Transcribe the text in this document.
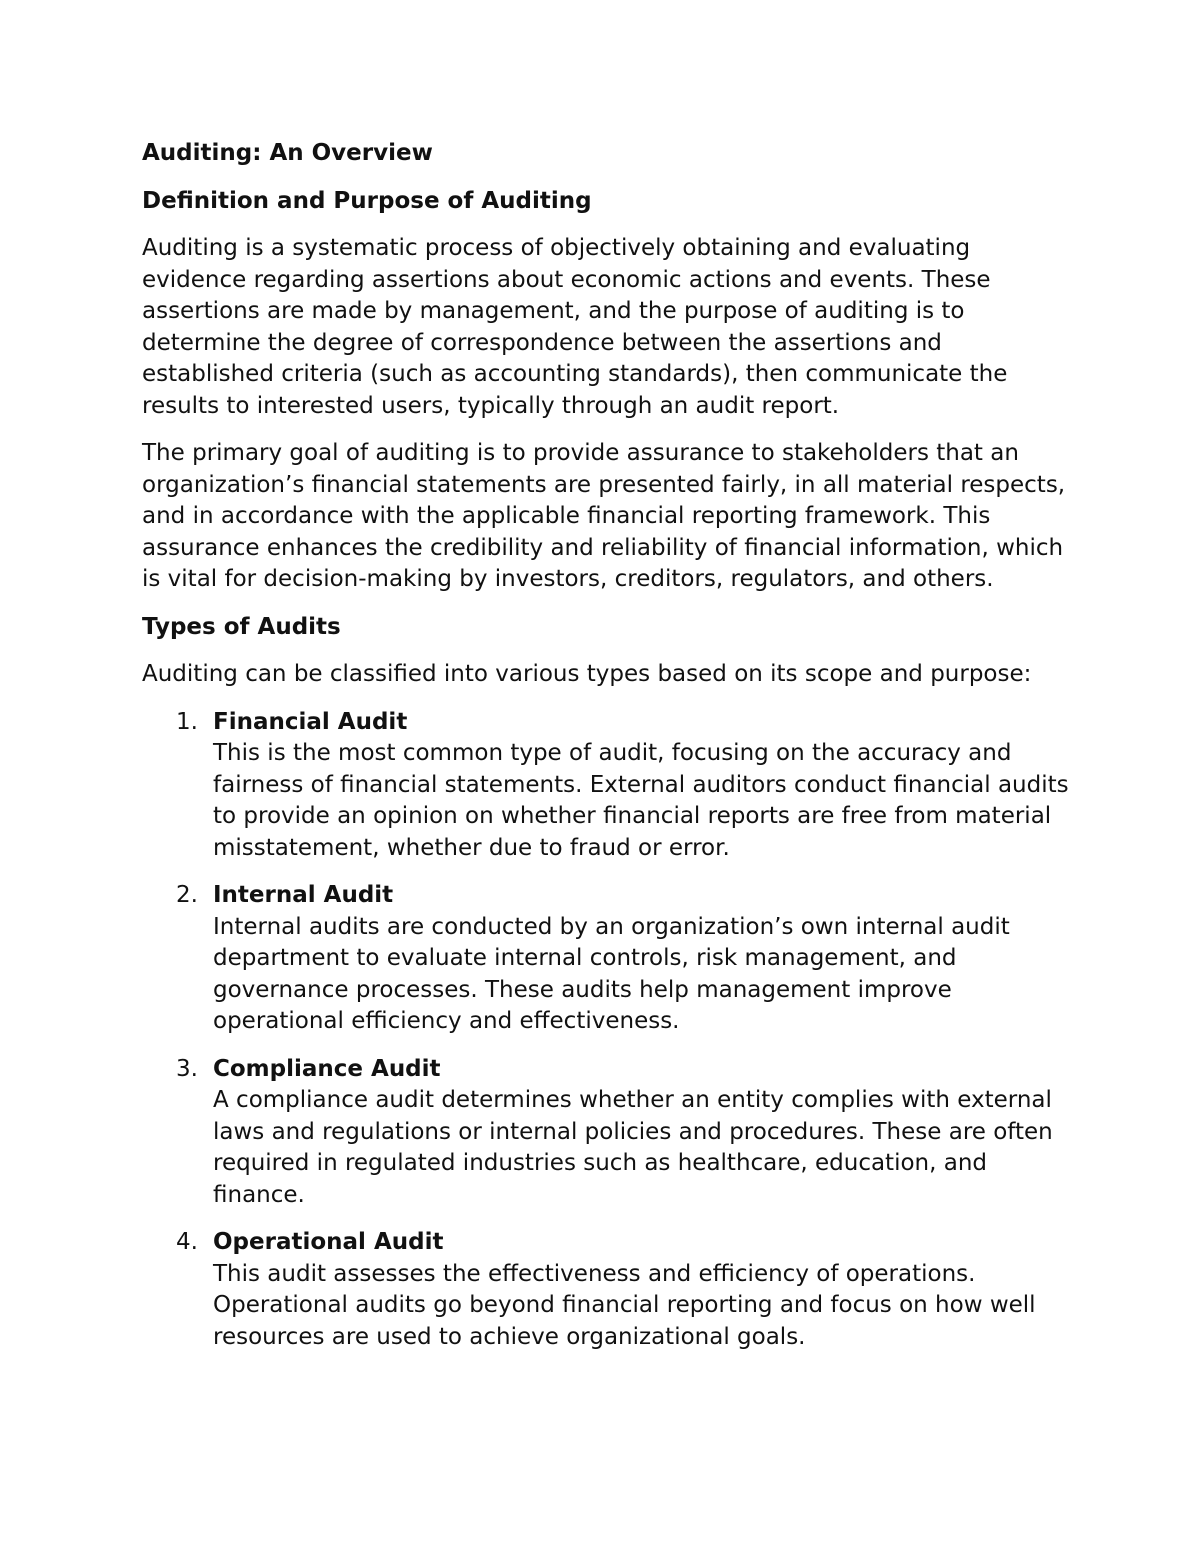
Auditing: An Overview
Definition and Purpose of Auditing

Auditing is a systematic process of objectively obtaining and evaluating evidence regarding assertions about economic actions and events. These assertions are made by management, and the purpose of auditing is to determine the degree of correspondence between the assertions and established criteria (such as accounting standards), then communicate the results to interested users, typically through an audit report.

The primary goal of auditing is to provide assurance to stakeholders that an organization’s financial statements are presented fairly, in all material respects, and in accordance with the applicable financial reporting framework. This assurance enhances the credibility and reliability of financial information, which is vital for decision-making by investors, creditors, regulators, and others.

Types of Audits

Auditing can be classified into various types based on its scope and purpose:

1. Financial Audit
This is the most common type of audit, focusing on the accuracy and fairness of financial statements. External auditors conduct financial audits to provide an opinion on whether financial reports are free from material misstatement, whether due to fraud or error.
2. Internal Audit
Internal audits are conducted by an organization’s own internal audit department to evaluate internal controls, risk management, and governance processes. These audits help management improve operational efficiency and effectiveness.
3. Compliance Audit
A compliance audit determines whether an entity complies with external laws and regulations or internal policies and procedures. These are often required in regulated industries such as healthcare, education, and finance.
4. Operational Audit
This audit assesses the effectiveness and efficiency of operations. Operational audits go beyond financial reporting and focus on how well resources are used to achieve organizational goals.
